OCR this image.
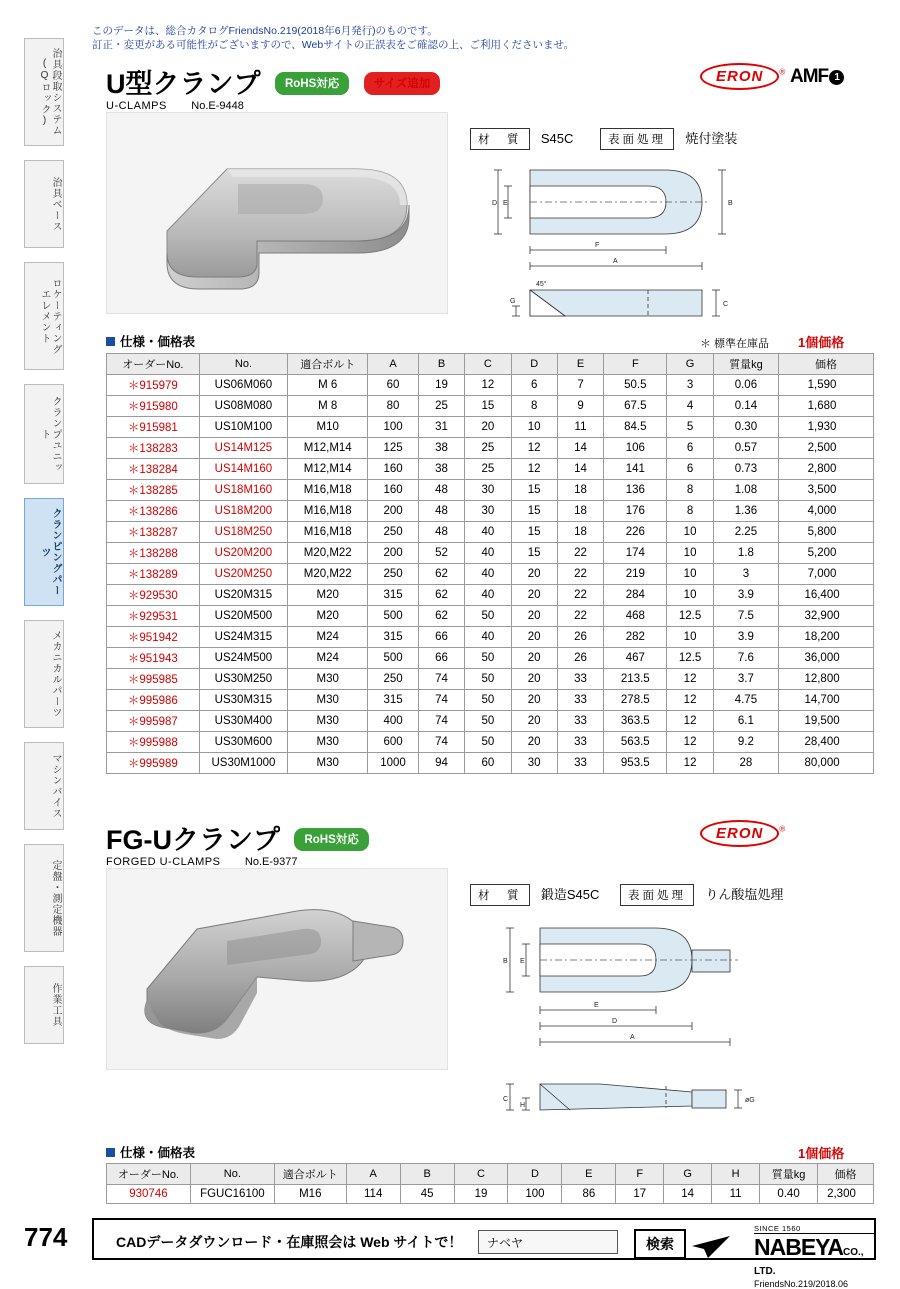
このデータは、総合カタログFriendsNo.219(2018年6月発行)のものです。
訂正・変更がある可能性がございますので、Webサイトの正誤表をご確認の上、ご利用くださいませ。
治具段取システム
(Qロック)
治具ベース
ロケーティング
エレメント
クランプユニット
クランピングパーツ
メカニカルパーツ
マシンバイス
定盤・測定機器
作業工具
U型クランプ RoHS対応	サイズ追加
U-CLAMPS No.E-9448
ERON ® AMF 1
材　質 S45C	表面処理 焼付塗装
E
D	B
F
A
C
G
45°
仕様・価格表	＊ 標準在庫品 1個価格
オーダーNo.	No.	適合ボルト	A	B	C	D	E	F	G	質量kg	価格
＊915979	US06M060	M 6	60	19	12	6	7	50.5	3	0.06	1,590
＊915980	US08M080	M 8	80	25	15	8	9	67.5	4	0.14	1,680
＊915981	US10M100	M10	100	31	20	10	11	84.5	5	0.30	1,930
＊138283	US14M125	M12,M14	125	38	25	12	14	106	6	0.57	2,500
＊138284	US14M160	M12,M14	160	38	25	12	14	141	6	0.73	2,800
＊138285	US18M160	M16,M18	160	48	30	15	18	136	8	1.08	3,500
＊138286	US18M200	M16,M18	200	48	30	15	18	176	8	1.36	4,000
＊138287	US18M250	M16,M18	250	48	40	15	18	226	10	2.25	5,800
＊138288	US20M200	M20,M22	200	52	40	15	22	174	10	1.8	5,200
＊138289	US20M250	M20,M22	250	62	40	20	22	219	10	3	7,000
＊929530	US20M315	M20	315	62	40	20	22	284	10	3.9	16,400
＊929531	US20M500	M20	500	62	50	20	22	468	12.5	7.5	32,900
＊951942	US24M315	M24	315	66	40	20	26	282	10	3.9	18,200
＊951943	US24M500	M24	500	66	50	20	26	467	12.5	7.6	36,000
＊995985	US30M250	M30	250	74	50	20	33	213.5	12	3.7	12,800
＊995986	US30M315	M30	315	74	50	20	33	278.5	12	4.75	14,700
＊995987	US30M400	M30	400	74	50	20	33	363.5	12	6.1	19,500
＊995988	US30M600	M30	600	74	50	20	33	563.5	12	9.2	28,400
＊995989	US30M1000	M30	1000	94	60	30	33	953.5	12	28	80,000
FG-Uクランプ RoHS対応
FORGED U-CLAMPS No.E-9377
ERON ®
材　質 鍛造S45C	表面処理 りん酸塩処理
B E
E
D
A
C
H
øG
仕様・価格表	1個価格
オーダーNo.	No.	適合ボルト	A	B	C	D	E	F	G	H	質量kg	価格
930746	FGUC16100	M16	114	45	19	100	86	17	14	11	0.40	2,300
774	CADデータダウンロード・在庫照会は Web サイトで！
ナベヤ	検索
SINCE 1560
NABEYACO., LTD.
FriendsNo.219/2018.06
